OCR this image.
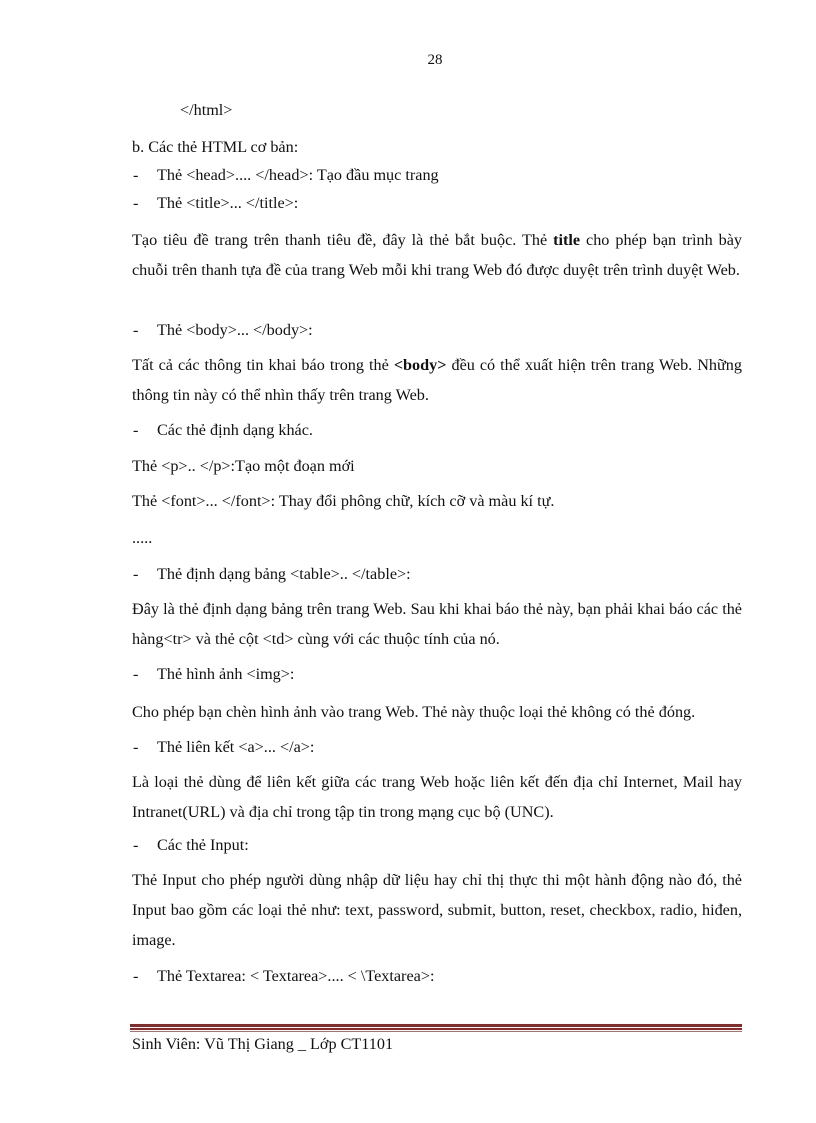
28
</html>
b. Các thẻ HTML cơ bản:
- Thẻ <head>.... </head>: Tạo đầu mục trang
- Thẻ <title>... </title>:
Tạo tiêu đề trang trên thanh tiêu đề, đây là thẻ bắt buộc. Thẻ title cho phép bạn trình bày chuỗi trên thanh tựa đề của trang Web mỗi khi trang Web đó được duyệt trên trình duyệt Web.
- Thẻ <body>... </body>:
Tất cả các thông tin khai báo trong thẻ <body> đều có thể xuất hiện trên trang Web. Những thông tin này có thể nhìn thấy trên trang Web.
- Các thẻ định dạng khác.
Thẻ <p>.. </p>:Tạo một đoạn mới
Thẻ <font>... </font>: Thay đổi phông chữ, kích cỡ và màu kí tự.
.....
- Thẻ định dạng bảng <table>.. </table>:
Đây là thẻ định dạng bảng trên trang Web. Sau khi khai báo thẻ này, bạn phải khai báo các thẻ hàng<tr> và thẻ cột <td> cùng với các thuộc tính của nó.
- Thẻ hình ảnh <img>:
Cho phép bạn chèn hình ảnh vào trang Web. Thẻ này thuộc loại thẻ không có thẻ đóng.
- Thẻ liên kết <a>... </a>:
Là loại thẻ dùng để liên kết giữa các trang Web hoặc liên kết đến địa chỉ Internet, Mail hay Intranet(URL) và địa chỉ trong tập tin trong mạng cục bộ (UNC).
- Các thẻ Input:
Thẻ Input cho phép người dùng nhập dữ liệu hay chỉ thị thực thi một hành động nào đó, thẻ Input bao gồm các loại thẻ như: text, password, submit, button, reset, checkbox, radio, hiđen, image.
- Thẻ Textarea: < Textarea>.... < \Textarea>:
Sinh Viên: Vũ Thị Giang _ Lớp CT1101
